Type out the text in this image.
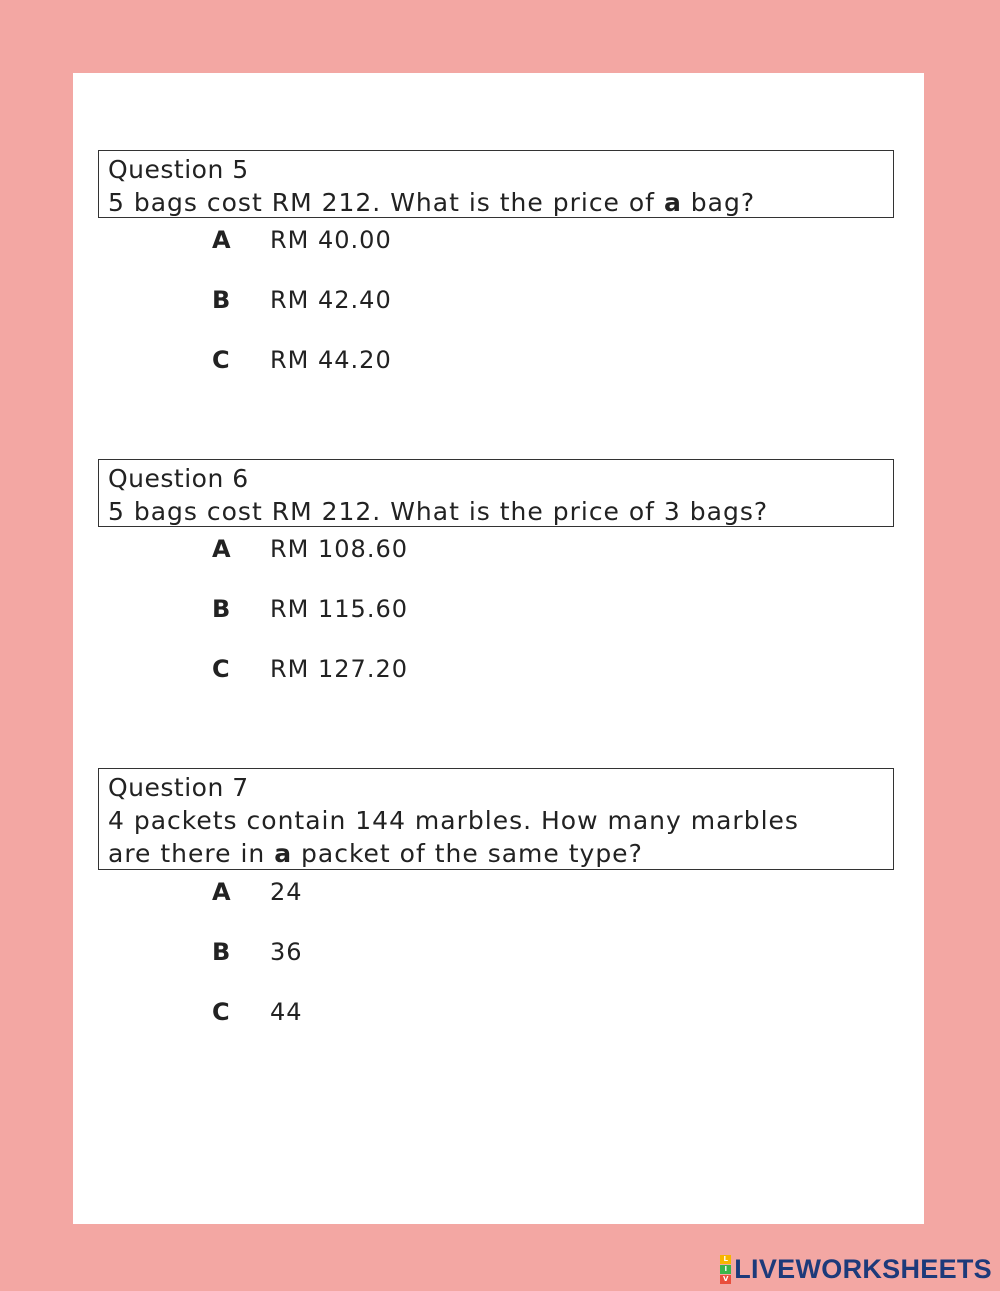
Question 5
5 bags cost RM 212. What is the price of a bag?
A	RM 40.00
B	RM 42.40
C	RM 44.20
Question 6
5 bags cost RM 212. What is the price of 3 bags?
A	RM 108.60
B	RM 115.60
C	RM 127.20
Question 7
4 packets contain 144 marbles. How many marbles
are there in a packet of the same type?
A	24
B	36
C	44
L
I
V LIVEWORKSHEETS
